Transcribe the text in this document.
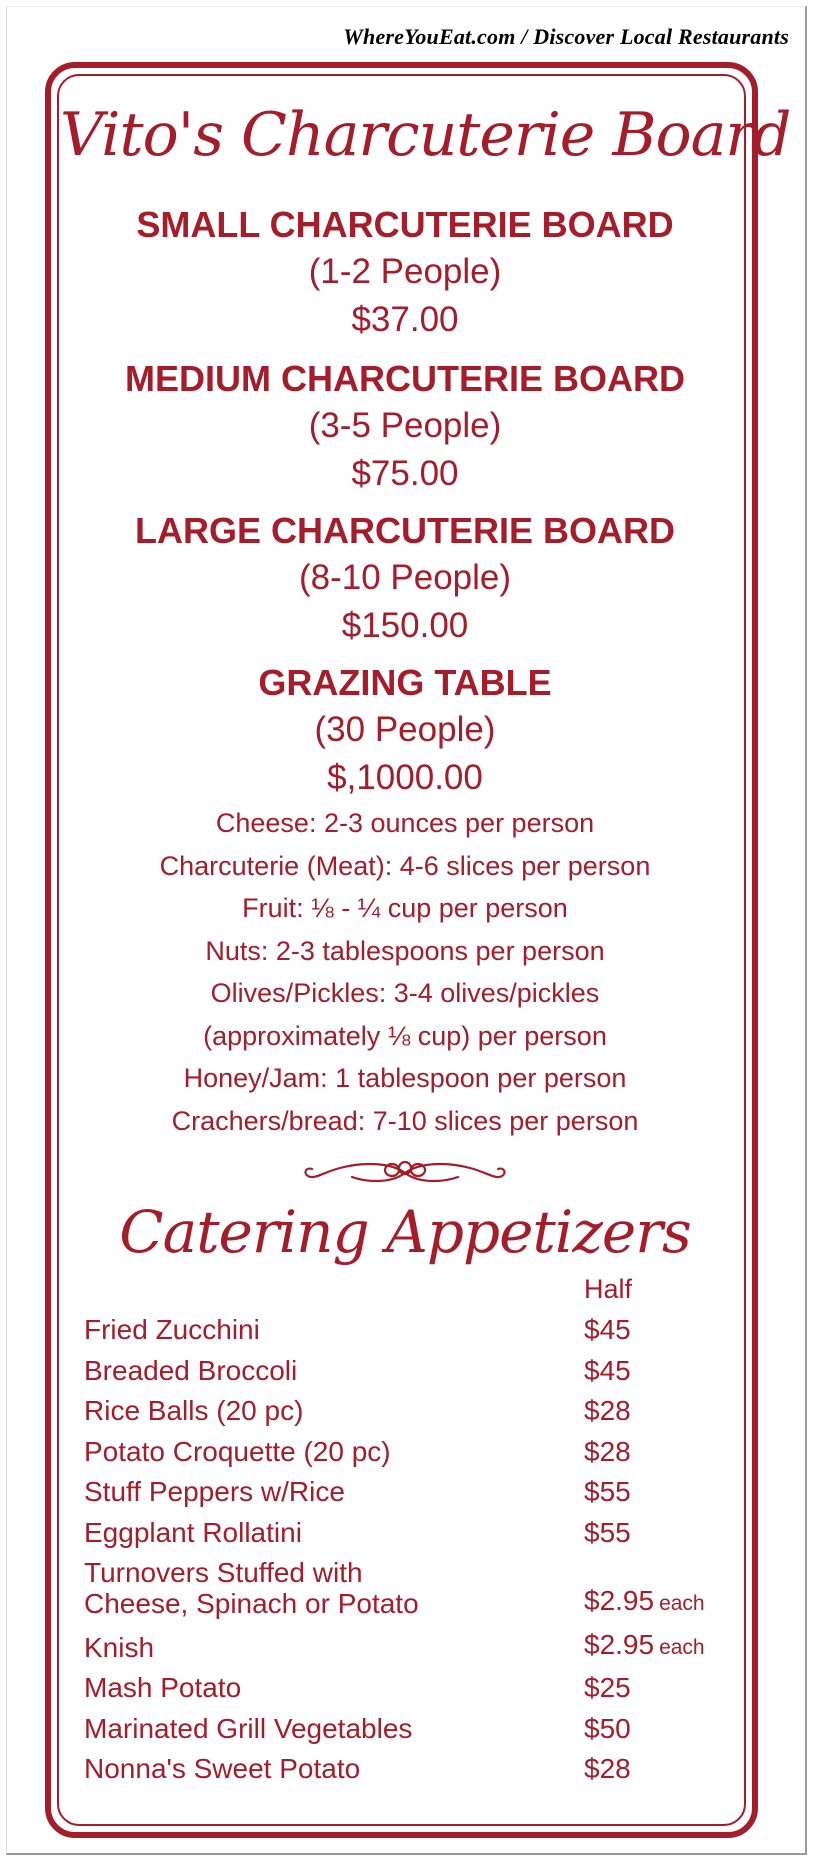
WhereYouEat.com / Discover Local Restaurants
Vito's Charcuterie Board
SMALL CHARCUTERIE BOARD
(1-2 People)
$37.00
MEDIUM CHARCUTERIE BOARD
(3-5 People)
$75.00
LARGE CHARCUTERIE BOARD
(8-10 People)
$150.00
GRAZING TABLE
(30 People)
$,1000.00
Cheese: 2-3 ounces per person
Charcuterie (Meat): 4-6 slices per person
Fruit: ⅛ - ¼ cup per person
Nuts: 2-3 tablespoons per person
Olives/Pickles: 3-4 olives/pickles
(approximately ⅛ cup) per person
Honey/Jam: 1 tablespoon per person
Crachers/bread: 7-10 slices per person
Catering Appetizers
Half
Fried Zucchini	$45
Breaded Broccoli	$45
Rice Balls (20 pc)	$28
Potato Croquette (20 pc)	$28
Stuff Peppers w/Rice	$55
Eggplant Rollatini	$55
Turnovers Stuffed with
Cheese, Spinach or Potato	$2.95 each
Knish	$2.95 each
Mash Potato	$25
Marinated Grill Vegetables	$50
Nonna's Sweet Potato	$28
